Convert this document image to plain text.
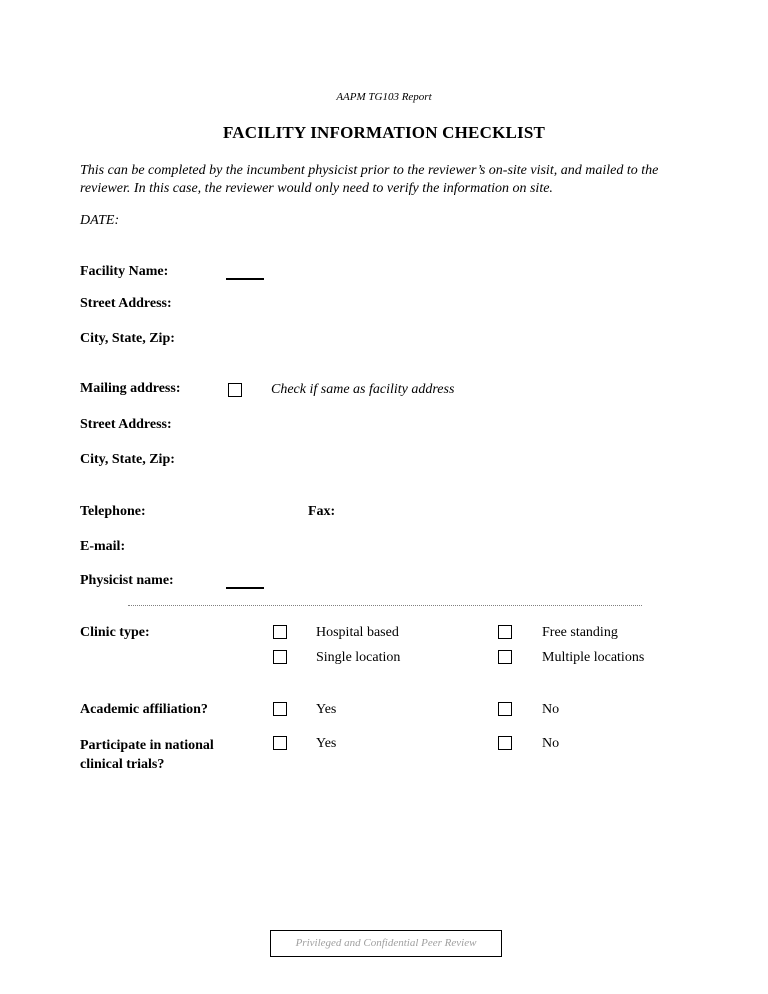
AAPM TG103 Report
FACILITY INFORMATION CHECKLIST
This can be completed by the incumbent physicist prior to the reviewer’s on-site visit, and mailed to the reviewer. In this case, the reviewer would only need to verify the information on site.
DATE:
Facility Name:
Street Address:
City, State, Zip:
Mailing address:	Check if same as facility address
Street Address:
City, State, Zip:
Telephone:	Fax:
E-mail:
Physicist name:
Clinic type:	Hospital based	Free standing
Single location	Multiple locations
Academic affiliation?	Yes	No
Participate in national
clinical trials?
Yes	No
Privileged and Confidential Peer Review
